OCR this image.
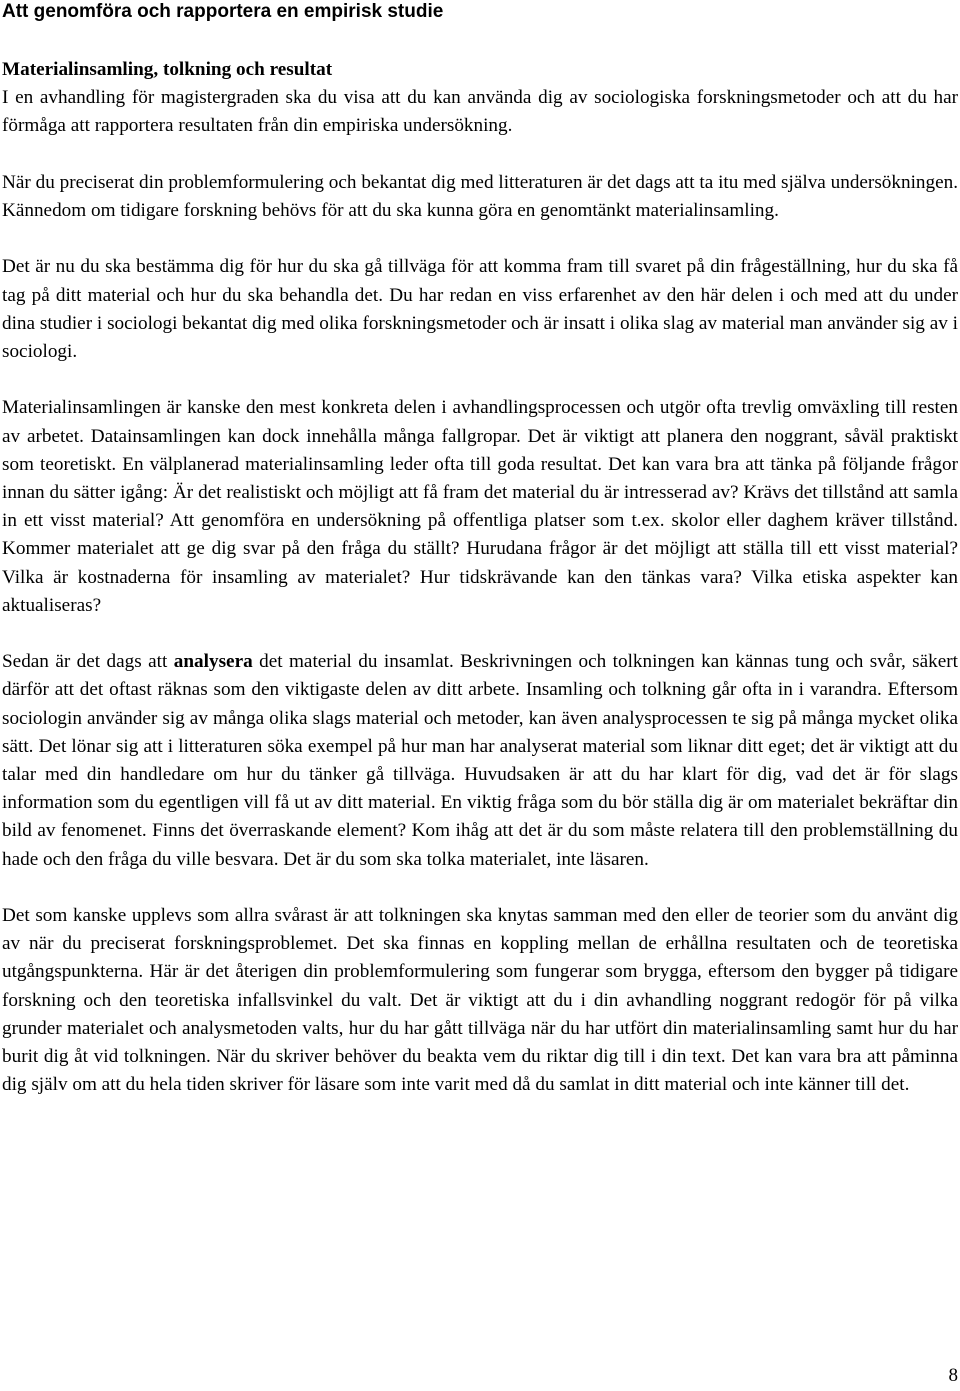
Att genomföra och rapportera en empirisk studie

Materialinsamling, tolkning och resultat
I en avhandling för magistergraden ska du visa att du kan använda dig av sociologiska forskningsmetoder och att du har förmåga att rapportera resultaten från din empiriska undersökning.

När du preciserat din problemformulering och bekantat dig med litteraturen är det dags att ta itu med själva undersökningen. Kännedom om tidigare forskning behövs för att du ska kunna göra en genomtänkt materialinsamling.

Det är nu du ska bestämma dig för hur du ska gå tillväga för att komma fram till svaret på din frågeställning, hur du ska få tag på ditt material och hur du ska behandla det. Du har redan en viss erfarenhet av den här delen i och med att du under dina studier i sociologi bekantat dig med olika forskningsmetoder och är insatt i olika slag av material man använder sig av i sociologi.

Materialinsamlingen är kanske den mest konkreta delen i avhandlingsprocessen och utgör ofta trevlig omväxling till resten av arbetet. Datainsamlingen kan dock innehålla många fallgropar. Det är viktigt att planera den noggrant, såväl praktiskt som teoretiskt. En välplanerad materialinsamling leder ofta till goda resultat. Det kan vara bra att tänka på följande frågor innan du sätter igång: Är det realistiskt och möjligt att få fram det material du är intresserad av? Krävs det tillstånd att samla in ett visst material? Att genomföra en undersökning på offentliga platser som t.ex. skolor eller daghem kräver tillstånd. Kommer materialet att ge dig svar på den fråga du ställt? Hurudana frågor är det möjligt att ställa till ett visst material? Vilka är kostnaderna för insamling av materialet? Hur tidskrävande kan den tänkas vara? Vilka etiska aspekter kan aktualiseras?

Sedan är det dags att analysera det material du insamlat. Beskrivningen och tolkningen kan kännas tung och svår, säkert därför att det oftast räknas som den viktigaste delen av ditt arbete. Insamling och tolkning går ofta in i varandra. Eftersom sociologin använder sig av många olika slags material och metoder, kan även analysprocessen te sig på många mycket olika sätt. Det lönar sig att i litteraturen söka exempel på hur man har analyserat material som liknar ditt eget; det är viktigt att du talar med din handledare om hur du tänker gå tillväga. Huvudsaken är att du har klart för dig, vad det är för slags information som du egentligen vill få ut av ditt material. En viktig fråga som du bör ställa dig är om materialet bekräftar din bild av fenomenet. Finns det överraskande element? Kom ihåg att det är du som måste relatera till den problemställning du hade och den fråga du ville besvara. Det är du som ska tolka materialet, inte läsaren.

Det som kanske upplevs som allra svårast är att tolkningen ska knytas samman med den eller de teorier som du använt dig av när du preciserat forskningsproblemet. Det ska finnas en koppling mellan de erhållna resultaten och de teoretiska utgångspunkterna. Här är det återigen din problemformulering som fungerar som brygga, eftersom den bygger på tidigare forskning och den teoretiska infallsvinkel du valt. Det är viktigt att du i din avhandling noggrant redogör för på vilka grunder materialet och analysmetoden valts, hur du har gått tillväga när du har utfört din materialinsamling samt hur du har burit dig åt vid tolkningen. När du skriver behöver du beakta vem du riktar dig till i din text. Det kan vara bra att påminna dig själv om att du hela tiden skriver för läsare som inte varit med då du samlat in ditt material och inte känner till det.

8
